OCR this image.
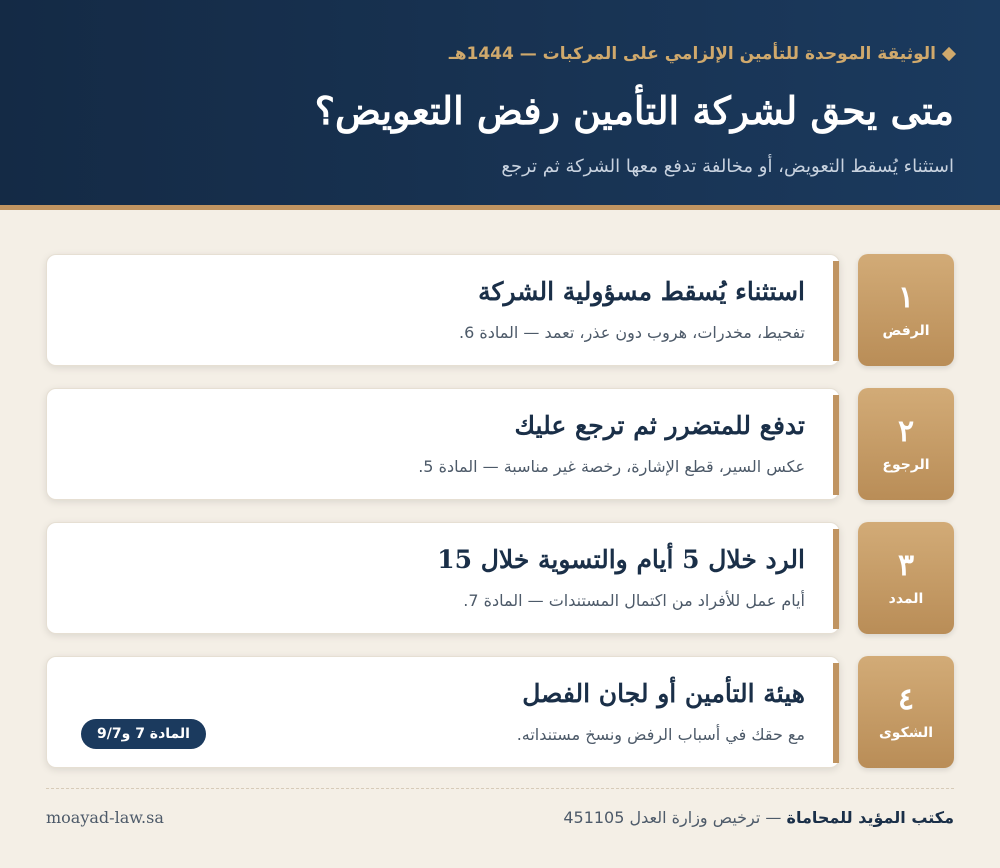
الوثيقة الموحدة للتأمين الإلزامي على المركبات — 1444هـ
متى يحق لشركة التأمين رفض التعويض؟
استثناء يُسقط التعويض، أو مخالفة تدفع معها الشركة ثم ترجع
١
الرفض
استثناء يُسقط مسؤولية الشركة
تفحيط، مخدرات، هروب دون عذر، تعمد — المادة 6.
٢
الرجوع
تدفع للمتضرر ثم ترجع عليك
عكس السير، قطع الإشارة، رخصة غير مناسبة — المادة 5.
٣
المدد
الرد خلال 5 أيام والتسوية خلال 15
أيام عمل للأفراد من اكتمال المستندات — المادة 7.
٤
الشكوى
هيئة التأمين أو لجان الفصل
مع حقك في أسباب الرفض ونسخ مستنداته.
المادة 7 و9/7
مكتب المؤيد للمحاماة — ترخيص وزارة العدل 451105
moayad-law.sa
